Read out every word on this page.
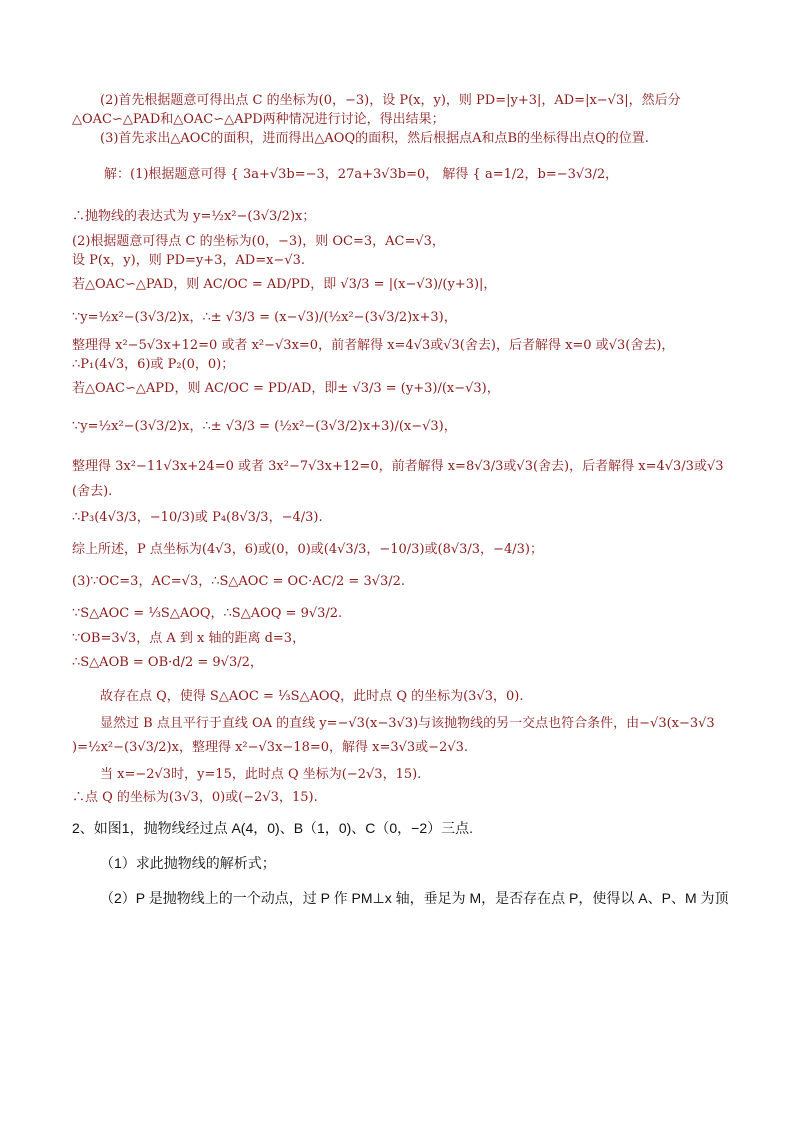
(2)首先根据题意可得出点 C 的坐标为(0，−3)，设 P(x，y)，则 PD=|y+3|，AD=|x−√3|，然后分

△OAC∽△PAD和△OAC∽△APD两种情况进行讨论，得出结果；

(3)首先求出△AOC的面积，进而得出△AOQ的面积，然后根据点A和点B的坐标得出点Q的位置.

解：(1)根据题意可得 { 3a+√3b=−3，27a+3√3b=0， 解得 { a=1/2，b=−3√3/2，

∴抛物线的表达式为 y=½x²−(3√3/2)x；

(2)根据题意可得点 C 的坐标为(0，−3)，则 OC=3，AC=√3，

设 P(x，y)，则 PD=y+3，AD=x−√3.

若△OAC∽△PAD，则 AC/OC = AD/PD，即 √3/3 = |(x−√3)/(y+3)|，

∵y=½x²−(3√3/2)x，∴± √3/3 = (x−√3)/(½x²−(3√3/2)x+3)，

整理得 x²−5√3x+12=0 或者 x²−√3x=0，前者解得 x=4√3或√3(舍去)，后者解得 x=0 或√3(舍去)，

∴P₁(4√3，6)或 P₂(0，0)；

若△OAC∽△APD，则 AC/OC = PD/AD，即± √3/3 = (y+3)/(x−√3)，

∵y=½x²−(3√3/2)x，∴± √3/3 = (½x²−(3√3/2)x+3)/(x−√3)，

整理得 3x²−11√3x+24=0 或者 3x²−7√3x+12=0，前者解得 x=8√3/3或√3(舍去)，后者解得 x=4√3/3或√3

(舍去).

∴P₃(4√3/3，−10/3)或 P₄(8√3/3，−4/3).

综上所述，P 点坐标为(4√3，6)或(0，0)或(4√3/3，−10/3)或(8√3/3，−4/3)；

(3)∵OC=3，AC=√3，∴S△AOC = OC·AC/2 = 3√3/2.

∵S△AOC = ⅓S△AOQ，∴S△AOQ = 9√3/2.

∵OB=3√3，点 A 到 x 轴的距离 d=3，

∴S△AOB = OB·d/2 = 9√3/2，

故存在点 Q，使得 S△AOC = ⅓S△AOQ，此时点 Q 的坐标为(3√3，0).

显然过 B 点且平行于直线 OA 的直线 y=−√3(x−3√3)与该抛物线的另一交点也符合条件，由−√3(x−3√3

)=½x²−(3√3/2)x，整理得 x²−√3x−18=0，解得 x=3√3或−2√3.

当 x=−2√3时，y=15，此时点 Q 坐标为(−2√3，15).

∴点 Q 的坐标为(3√3，0)或(−2√3，15).

2、如图1，抛物线经过点 A(4，0)、B（1，0)、C（0，−2）三点.

（1）求此抛物线的解析式；

（2）P 是抛物线上的一个动点，过 P 作 PM⊥x 轴，垂足为 M，是否存在点 P，使得以 A、P、M 为顶
